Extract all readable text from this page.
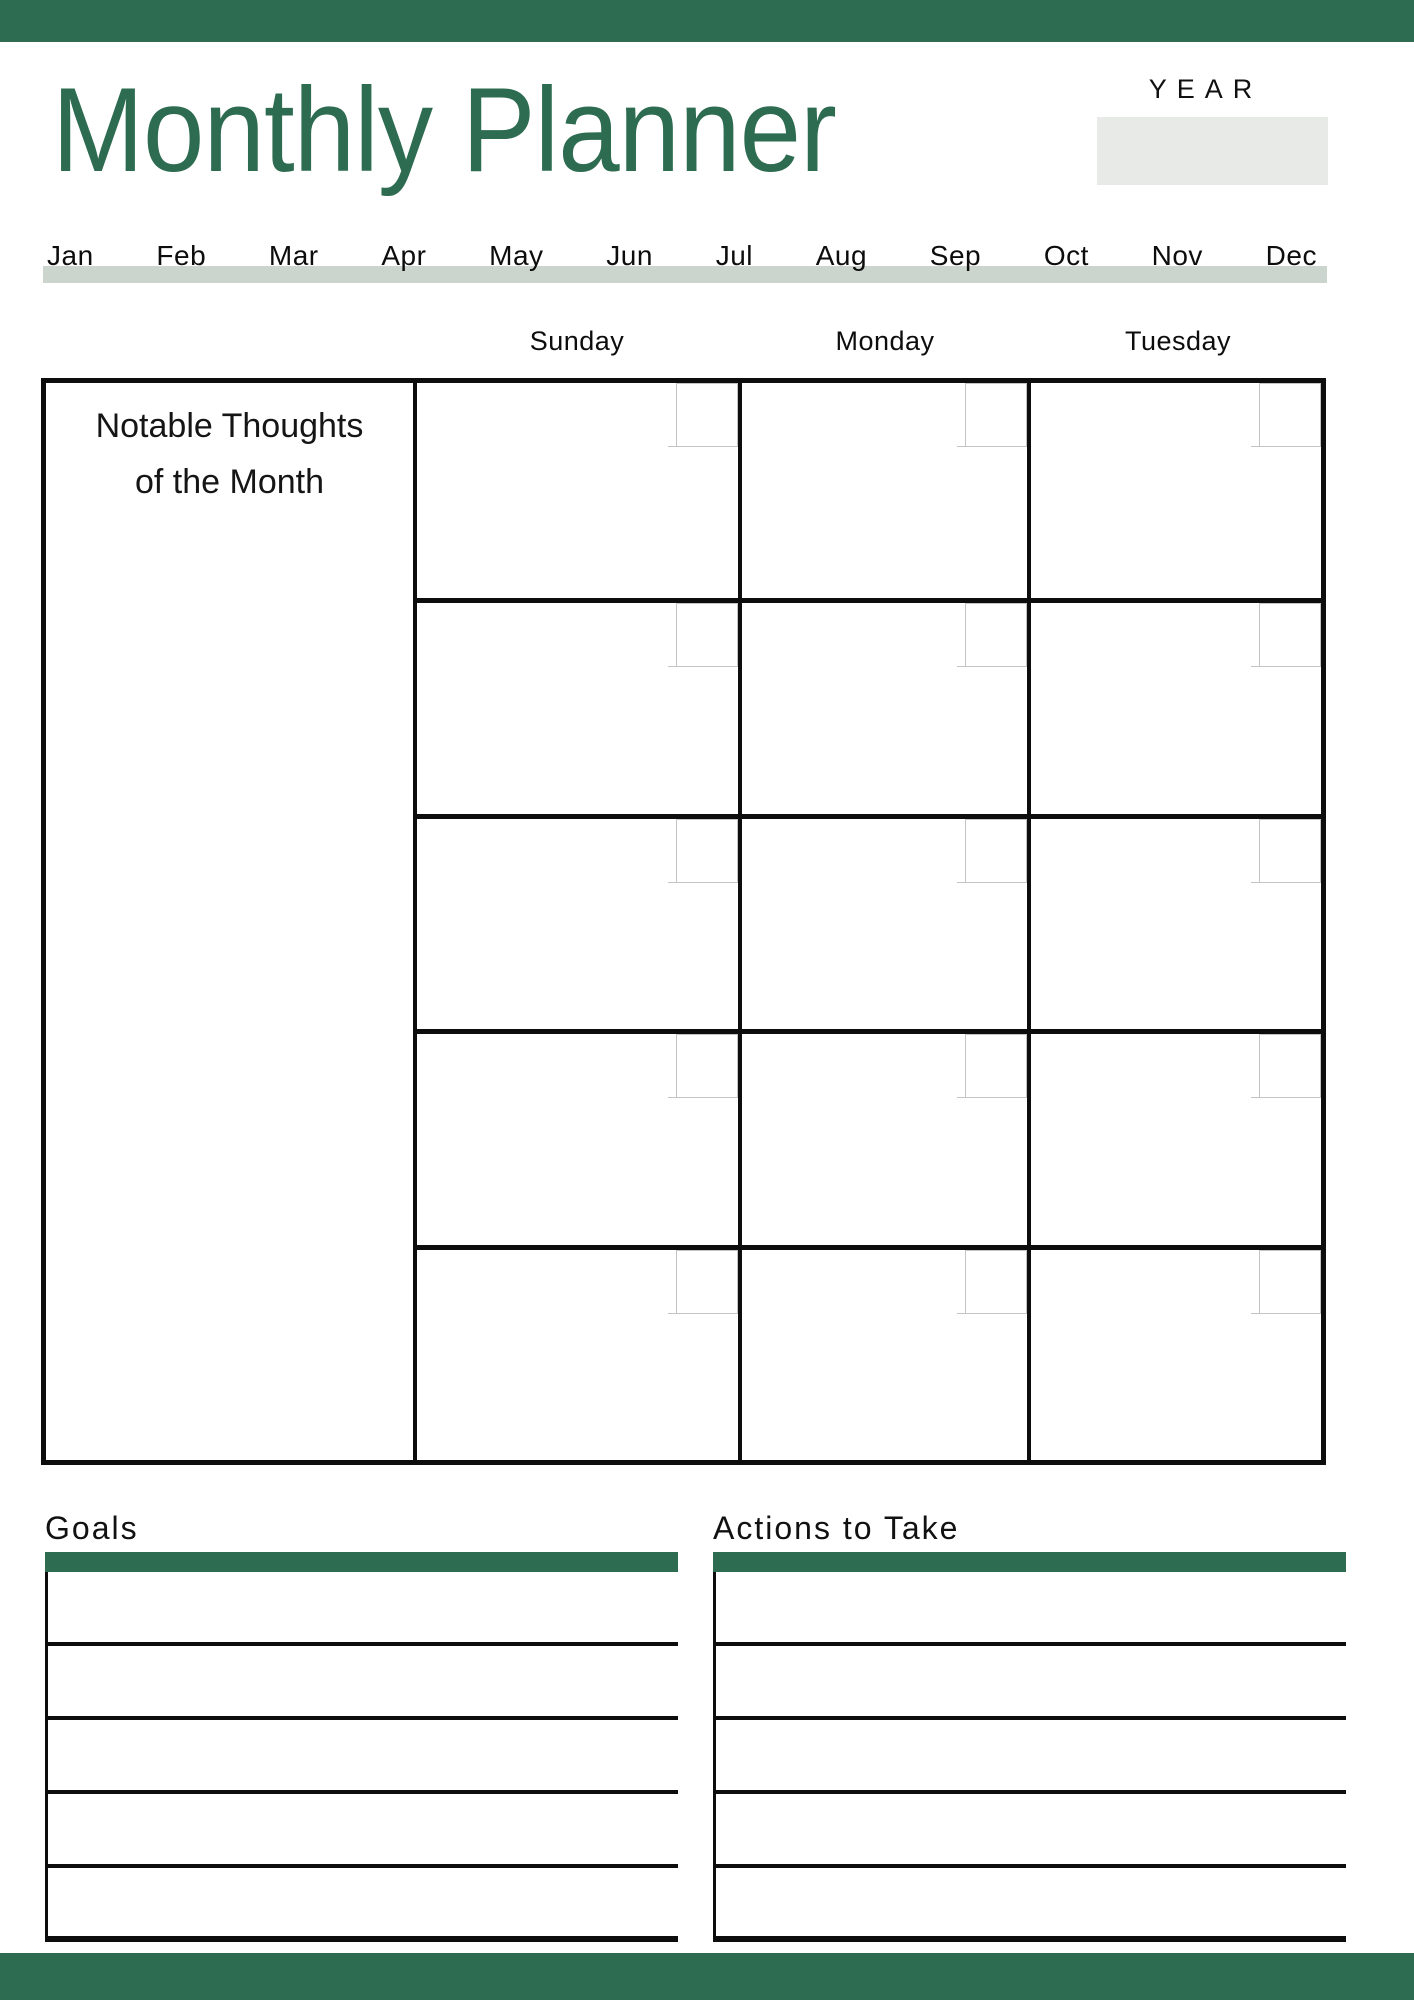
Monthly Planner	YEAR
Jan Feb Mar Apr May Jun Jul Aug Sep Oct Nov Dec
Sunday	Monday	Tuesday
Notable Thoughts
of the Month
Goals	Actions to Take
